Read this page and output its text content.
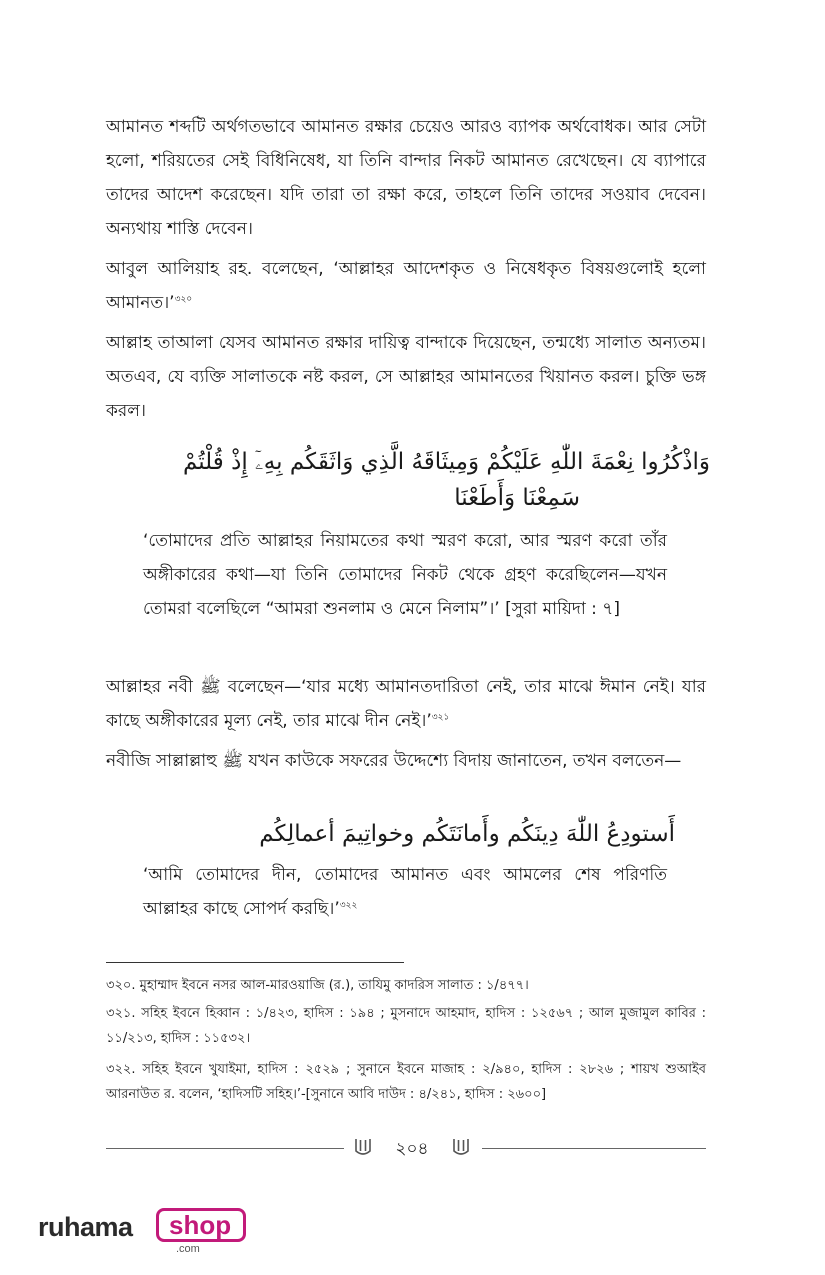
আমানত শব্দটি অর্থগতভাবে আমানত রক্ষার চেয়েও আরও ব্যাপক অর্থবোধক। আর সেটা হলো, শরিয়তের সেই বিধিনিষেধ, যা তিনি বান্দার নিকট আমানত রেখেছেন। যে ব্যাপারে তাদের আদেশ করেছেন। যদি তারা তা রক্ষা করে, তাহলে তিনি তাদের সওয়াব দেবেন। অন্যথায় শাস্তি দেবেন।

আবুল আলিয়াহ রহ. বলেছেন, ‘আল্লাহর আদেশকৃত ও নিষেধকৃত বিষয়গুলোই হলো আমানত।’$^{৩২০}$

আল্লাহ তাআলা যেসব আমানত রক্ষার দায়িত্ব বান্দাকে দিয়েছেন, তন্মধ্যে সালাত অন্যতম। অতএব, যে ব্যক্তি সালাতকে নষ্ট করল, সে আল্লাহর আমানতের খিয়ানত করল। চুক্তি ভঙ্গ করল।

وَاذْكُرُوا نِعْمَةَ اللّٰهِ عَلَيْكُمْ وَمِيثَاقَهُ الَّذِي وَاثَقَكُم بِهِۦٓ إِذْ قُلْتُمْ

سَمِعْنَا وَأَطَعْنَا

‘তোমাদের প্রতি আল্লাহর নিয়ামতের কথা স্মরণ করো, আর স্মরণ করো তাঁর অঙ্গীকারের কথা—যা তিনি তোমাদের নিকট থেকে গ্রহণ করেছিলেন—যখন তোমরা বলেছিলে “আমরা শুনলাম ও মেনে নিলাম”।’ [সুরা মায়িদা : ৭]

আল্লাহর নবী ﷺ বলেছেন—‘যার মধ্যে আমানতদারিতা নেই, তার মাঝে ঈমান নেই। যার কাছে অঙ্গীকারের মূল্য নেই, তার মাঝে দীন নেই।’$^{৩২১}$

নবীজি সাল্লাল্লাহু ﷺ যখন কাউকে সফরের উদ্দেশ্যে বিদায় জানাতেন, তখন বলতেন—

أَستودِعُ اللّٰهَ دِينَكُم وأَمانَتَكُم وخواتِيمَ أعمالِكُم

‘আমি তোমাদের দীন, তোমাদের আমানত এবং আমলের শেষ পরিণতি আল্লাহর কাছে সোপর্দ করছি।’$^{৩২২}$

৩২০. মুহাম্মাদ ইবনে নসর আল-মারওয়াজি (র.), তাযিমু কাদরিস সালাত : ১/৪৭৭।

৩২১. সহিহ ইবনে হিব্বান : ১/৪২৩, হাদিস : ১৯৪ ; মুসনাদে আহমাদ, হাদিস : ১২৫৬৭ ; আল মুজামুল কাবির : ১১/২১৩, হাদিস : ১১৫৩২।

৩২২. সহিহ ইবনে খুযাইমা, হাদিস : ২৫২৯ ; সুনানে ইবনে মাজাহ : ২/৯৪০, হাদিস : ২৮২৬ ; শায়খ শুআইব আরনাউত র. বলেন, ‘হাদিসটি সহিহ।’-[সুনানে আবি দাউদ : ৪/২৪১, হাদিস : ২৬০০]

২০৪
ruhama shop
.com
